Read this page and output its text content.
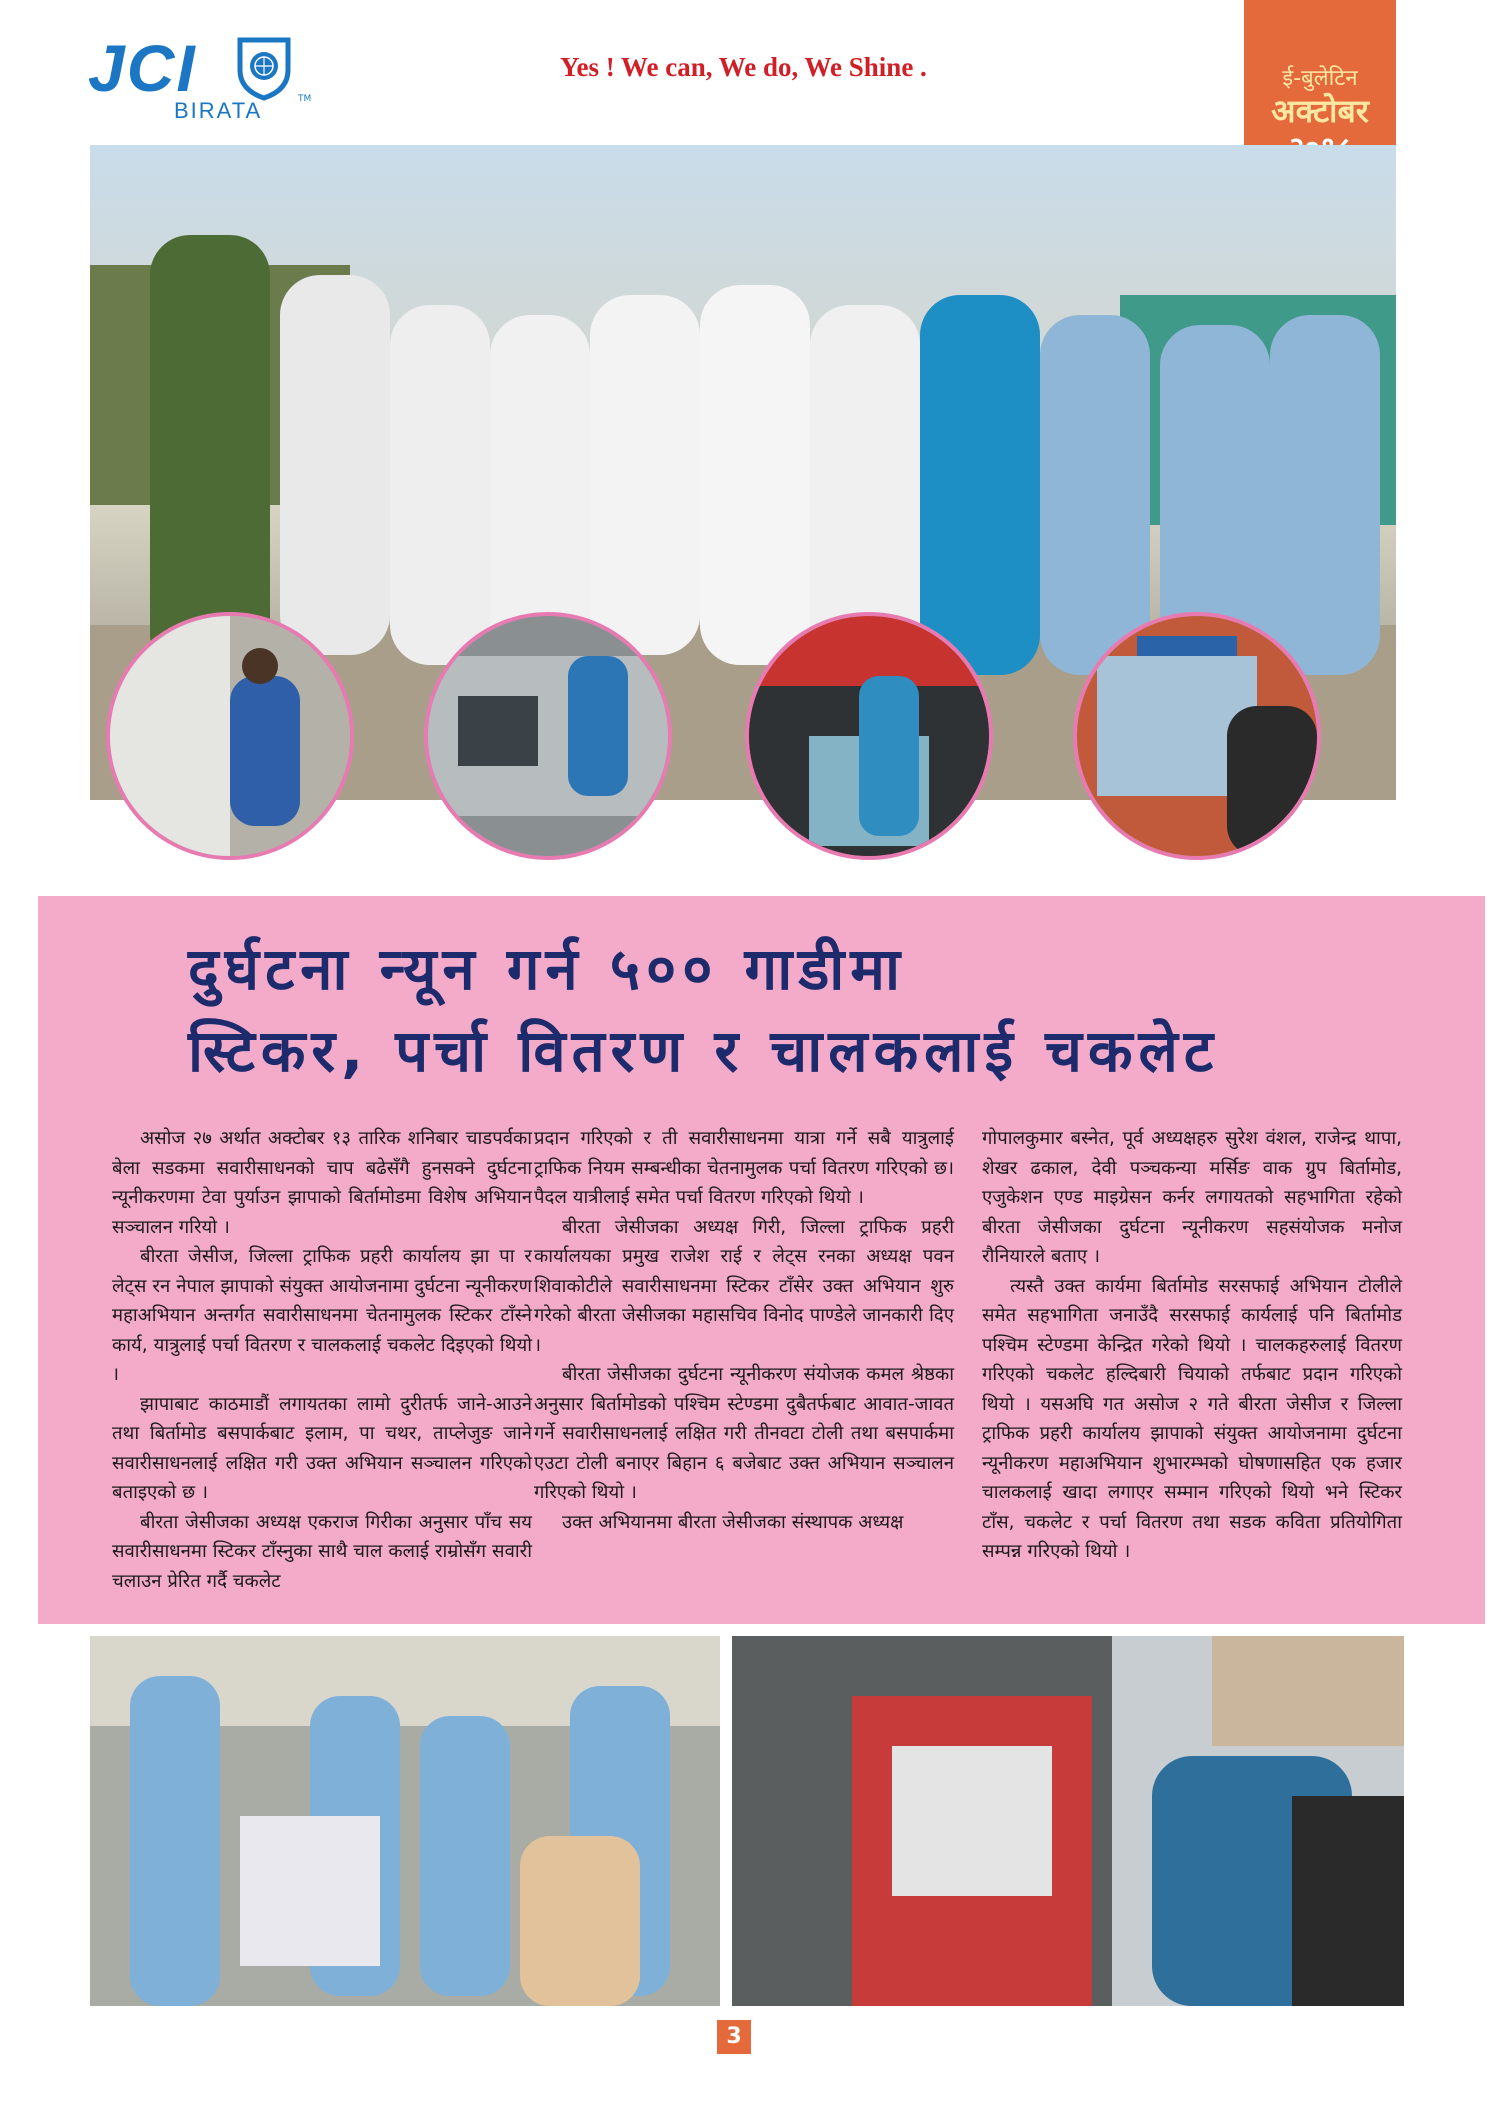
JCI
BIRATA	TM
Yes ! We can, We do, We Shine .	ई-बुलेटिन
अक्टोबर
दुर्घटना न्यून गर्न ५०० गाडीमा
स्टिकर, पर्चा वितरण र चालकलाई चकलेट

असोज २७ अर्थात अक्टोबर १३ तारिक शनिबार चाडपर्वका बेला सडकमा सवारीसाधनको चाप बढेसँगै हुनसक्ने दुर्घटना न्यूनीकरणमा टेवा पुर्याउन झापाको बिर्तामोडमा विशेष अभियान सञ्चालन गरियो ।

बीरता जेसीज, जिल्ला ट्राफिक प्रहरी कार्यालय झा पा र लेट्स रन नेपाल झापाको संयुक्त आयोजनामा दुर्घटना न्यूनीकरण महाअभियान अन्तर्गत सवारीसाधनमा चेतनामुलक स्टिकर टाँस्ने कार्य, यात्रुलाई पर्चा वितरण र चालकलाई चकलेट दिइएको थियो ।

झापाबाट काठमाडौं लगायतका लामो दुरीतर्फ जाने-आउने तथा बिर्तामोड बसपार्कबाट इलाम, पा चथर, ताप्लेजुङ जाने सवारीसाधनलाई लक्षित गरी उक्त अभियान सञ्चालन गरिएको बताइएको छ ।

बीरता जेसीजका अध्यक्ष एकराज गिरीका अनुसार पाँच सय सवारीसाधनमा स्टिकर टाँस्नुका साथै चाल कलाई राम्रोसँग सवारी चलाउन प्रेरित गर्दै चकलेट

प्रदान गरिएको र ती सवारीसाधनमा यात्रा गर्ने सबै यात्रुलाई ट्राफिक नियम सम्बन्धीका चेतनामुलक पर्चा वितरण गरिएको छ। पैदल यात्रीलाई समेत पर्चा वितरण गरिएको थियो ।

बीरता जेसीजका अध्यक्ष गिरी, जिल्ला ट्राफिक प्रहरी कार्यालयका प्रमुख राजेश राई र लेट्स रनका अध्यक्ष पवन शिवाकोटीले सवारीसाधनमा स्टिकर टाँसेर उक्त अभियान शुरु गरेको बीरता जेसीजका महासचिव विनोद पाण्डेले जानकारी दिए ।

बीरता जेसीजका दुर्घटना न्यूनीकरण संयोजक कमल श्रेष्ठका अनुसार बिर्तामोडको पश्चिम स्टेण्डमा दुबैतर्फबाट आवात-जावत गर्ने सवारीसाधनलाई लक्षित गरी तीनवटा टोली तथा बसपार्कमा एउटा टोली बनाएर बिहान ६ बजेबाट उक्त अभियान सञ्चालन गरिएको थियो ।

उक्त अभियानमा बीरता जेसीजका संस्थापक अध्यक्ष

गोपालकुमार बस्नेत, पूर्व अध्यक्षहरु सुरेश वंशल, राजेन्द्र थापा, शेखर ढकाल, देवी पञ्चकन्या मर्सिङ वाक ग्रुप बिर्तामोड, एजुकेशन एण्ड माइग्रेसन कर्नर लगायतको सहभागिता रहेको बीरता जेसीजका दुर्घटना न्यूनीकरण सहसंयोजक मनोज रौनियारले बताए ।

त्यस्तै उक्त कार्यमा बिर्तामोड सरसफाई अभियान टोलीले समेत सहभागिता जनाउँदै सरसफाई कार्यलाई पनि बिर्तामोड पश्चिम स्टेण्डमा केन्द्रित गरेको थियो । चालकहरुलाई वितरण गरिएको चकलेट हल्दिबारी चियाको तर्फबाट प्रदान गरिएको थियो । यसअघि गत असोज २ गते बीरता जेसीज र जिल्ला ट्राफिक प्रहरी कार्यालय झापाको संयुक्त आयोजनामा दुर्घटना न्यूनीकरण महाअभियान शुभारम्भको घोषणासहित एक हजार चालकलाई खादा लगाएर सम्मान गरिएको थियो भने स्टिकर टाँस, चकलेट र पर्चा वितरण तथा सडक कविता प्रतियोगिता सम्पन्न गरिएको थियो ।

3
